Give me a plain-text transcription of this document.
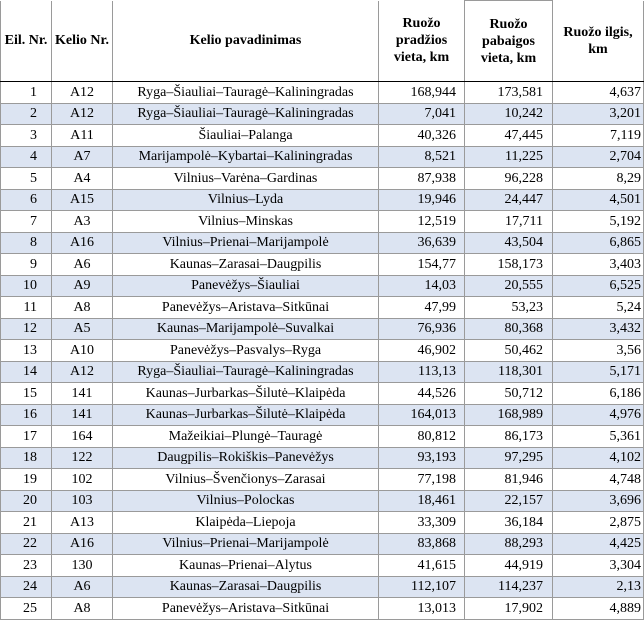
Eil. Nr.	Kelio Nr.	Kelio pavadinimas	Ruožo pradžios vieta, km	Ruožo pabaigos vieta, km	Ruožo ilgis, km
1	A12	Ryga–Šiauliai–Tauragė–Kaliningradas	168,944	173,581	4,637
2	A12	Ryga–Šiauliai–Tauragė–Kaliningradas	7,041	10,242	3,201
3	A11	Šiauliai–Palanga	40,326	47,445	7,119
4	A7	Marijampolė–Kybartai–Kaliningradas	8,521	11,225	2,704
5	A4	Vilnius–Varėna–Gardinas	87,938	96,228	8,29
6	A15	Vilnius–Lyda	19,946	24,447	4,501
7	A3	Vilnius–Minskas	12,519	17,711	5,192
8	A16	Vilnius–Prienai–Marijampolė	36,639	43,504	6,865
9	A6	Kaunas–Zarasai–Daugpilis	154,77	158,173	3,403
10	A9	Panevėžys–Šiauliai	14,03	20,555	6,525
11	A8	Panevėžys–Aristava–Sitkūnai	47,99	53,23	5,24
12	A5	Kaunas–Marijampolė–Suvalkai	76,936	80,368	3,432
13	A10	Panevėžys–Pasvalys–Ryga	46,902	50,462	3,56
14	A12	Ryga–Šiauliai–Tauragė–Kaliningradas	113,13	118,301	5,171
15	141	Kaunas–Jurbarkas–Šilutė–Klaipėda	44,526	50,712	6,186
16	141	Kaunas–Jurbarkas–Šilutė–Klaipėda	164,013	168,989	4,976
17	164	Mažeikiai–Plungė–Tauragė	80,812	86,173	5,361
18	122	Daugpilis–Rokiškis–Panevėžys	93,193	97,295	4,102
19	102	Vilnius–Švenčionys–Zarasai	77,198	81,946	4,748
20	103	Vilnius–Polockas	18,461	22,157	3,696
21	A13	Klaipėda–Liepoja	33,309	36,184	2,875
22	A16	Vilnius–Prienai–Marijampolė	83,868	88,293	4,425
23	130	Kaunas–Prienai–Alytus	41,615	44,919	3,304
24	A6	Kaunas–Zarasai–Daugpilis	112,107	114,237	2,13
25	A8	Panevėžys–Aristava–Sitkūnai	13,013	17,902	4,889
